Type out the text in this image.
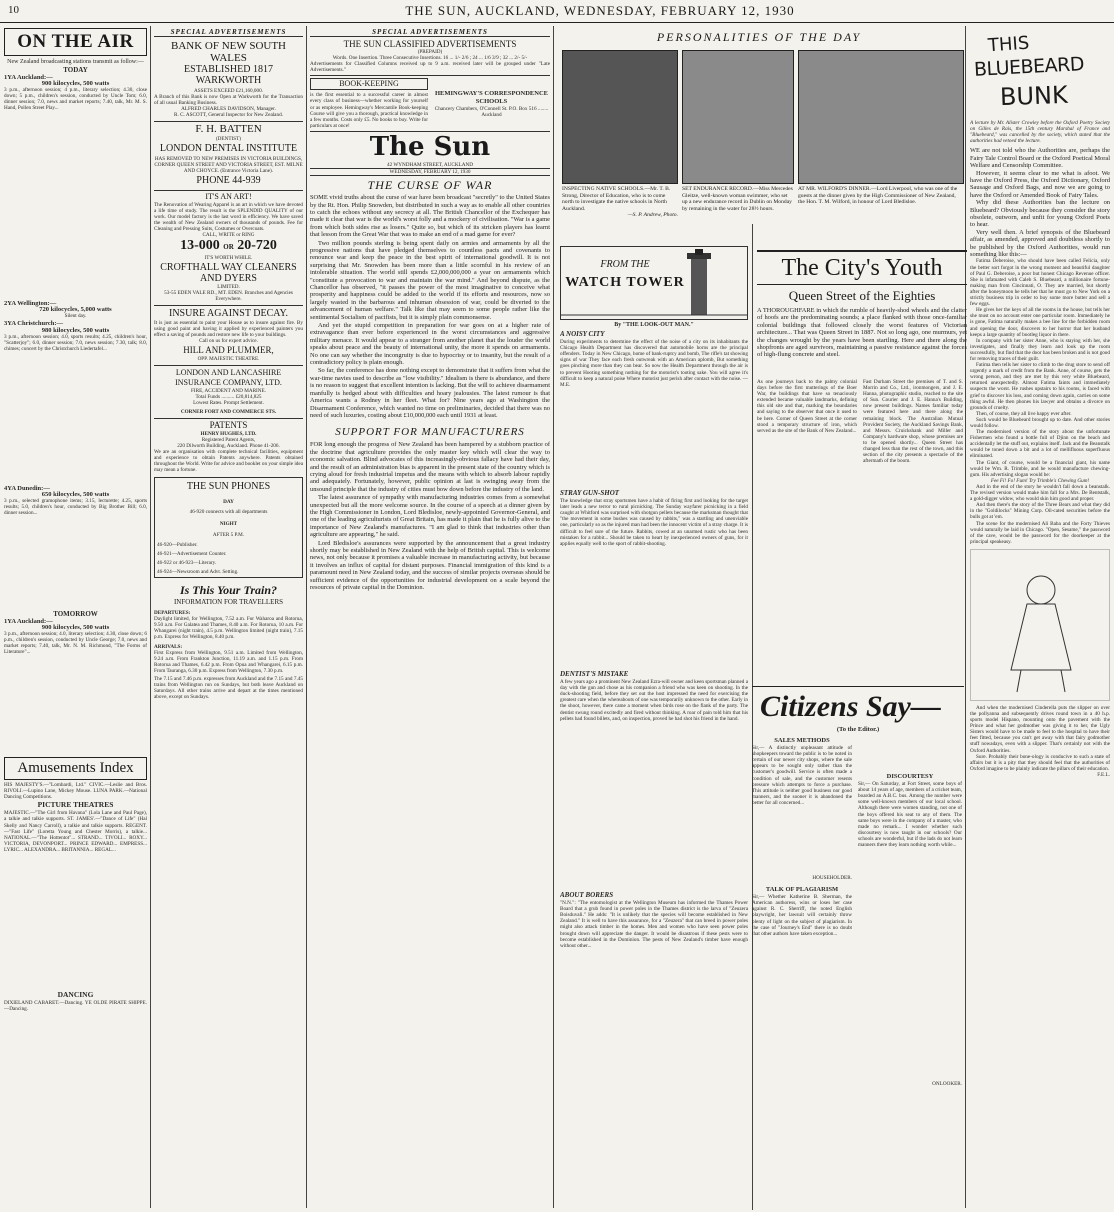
10	THE SUN, AUCKLAND, WEDNESDAY, FEBRUARY 12, 1930
ON THE AIR
New Zealand broadcasting stations transmit as follow:—
TODAY
1YA Auckland:—
900 kilocycles, 500 watts
3 p.m., afternoon session; 4 p.m., literary selection; 4.30, close down; 5 p.m., children's session, conducted by Uncle Tom; 6.0, dinner session; 7.0, news and market reports; 7.40, talk, Mr. M. S. Hand, Pollen Street Play...
2YA Wellington:—
720 kilocycles, 5,000 watts
Silent day.
3YA Christchurch:—
980 kilocycles, 500 watts
3 p.m., afternoon session; 4.0, sports results; 4.25, children's hour, "Scatterjoy"; 6.0, dinner session; 7.0, news session; 7.30, talk; 8.0, chimes; concert by the Christchurch Liedertafel...
4YA Dunedin:—
650 kilocycles, 500 watts
3 p.m., selected gramophone items; 3.15, lecturette; 4.25, sports results; 5.0, children's hour, conducted by Big Brother Bill; 6.0, dinner session...
TOMORROW
1YA Auckland:—
900 kilocycles, 500 watts
3 p.m., afternoon session; 4.0, literary selection; 4.30, close down; 6 p.m., children's session, conducted by Uncle George; 7.0, news and market reports; 7.40, talk, Mr. N. M. Richmond, "The Forms of Literature"...
Amusements Index
HIS MAJESTY'S.—"Lombardi, Ltd." CIVIC.—Leslie and Bros. RIVOLI.—Lupino Lane, Mickey Mouse. LUNA PARK.—National Dancing Competitions.
PICTURE THEATRES
MAJESTIC.—"The Girl from Havana" (Lola Lane and Paul Page), a talkie and talkie supports. ST. JAMES'.—"Dance of Life" (Hal Skelly and Nancy Carroll), a talkie and talkie supports. REGENT.—"Fast Life" (Loretta Young and Chester Morris), a talkie... NATIONAL.—"The Hottentot"... STRAND... TIVOLI... ROXY... VICTORIA, DEVONPORT... PRINCE EDWARD... EMPRESS... LYRIC... ALEXANDRA... BRITANNIA... REGAL...
DANCING
DIXIELAND CABARET.—Dancing. YE OLDE PIRATE SHIPPE.—Dancing.
SPECIAL ADVERTISEMENTS
BANK OF NEW SOUTH WALES
ESTABLISHED 1817
WARKWORTH
ASSETS EXCEED £21,160,000.
A Branch of this Bank is now Open at Warkworth for the Transaction of all usual Banking Business.
ALFRED CHARLES DAVIDSON, Manager.
R. C. ASCOTT, General Inspector for New Zealand.
F. H. BATTEN
(DENTIST)
LONDON DENTAL INSTITUTE
HAS REMOVED TO NEW PREMISES IN VICTORIA BUILDINGS, CORNER QUEEN STREET AND VICTORIA STREET, EST. MILNE AND CHOYCE. (Entrance Victoria Lane).
PHONE 44-939
IT'S AN ART!
The Renovation of Wearing Apparel is an art in which we have devoted a life time of study. The result is the SPLENDID QUALITY of our work. Our model factory is the last word in efficiency. We have saved the wealth of New Zealand owners of thousands of pounds. Fee for Cleaning and Pressing Suits, Costumes or Overcoats.
CALL, WRITE or RING
13-000 OR 20-720
IT'S WORTH WHILE.
CROFTHALL WAY CLEANERS AND DYERS
LIMITED.
53-55 EDEN VALE RD., MT. EDEN. Branches and Agencies Everywhere.
INSURE AGAINST DECAY.
It is just as essential to paint your House as to insure against fire. By using good paint and having it applied by experienced painters you effect a saving of pounds and restore new life to your buildings.
Call on us for expert advice.
HILL AND PLUMMER,
OPP. MAJESTIC THEATRE.
LONDON AND LANCASHIRE INSURANCE COMPANY, LTD.
FIRE, ACCIDENT AND MARINE.
Total Funds .......... £20,814,825
Lowest Rates. Prompt Settlement.
CORNER FORT AND COMMERCE STS.
PATENTS
HENRY HUGHES, LTD.
Registered Patent Agents,
220 Dilworth Building, Auckland. Phone 41-206.
We are an organisation with complete technical facilities, equipment and experience to obtain Patents anywhere. Patents obtained throughout the World. Write for advice and booklet on your simple idea may mean a fortune.
THE SUN PHONES
DAY
46-920 connects with all departments
NIGHT
AFTER 5 P.M.
46-920—Publisher.
46-921—Advertisement Counter.
46-922 or 46-923—Literary.
46-924—Newsroom and Advt. Setting.
Is This Your Train?
INFORMATION FOR TRAVELLERS
DEPARTURES:
Daylight limited, for Wellington, 7.52 a.m. For Waharoa and Rotorua, 9.50 a.m. For Galatea and Thames, 8.40 a.m. For Rotorua, 10 a.m. For Whangarei (night train), 4.5 p.m. Wellington limited (night train), 7.15 p.m. Express for Wellington, 8.40 p.m.
ARRIVALS:
First Express from Wellington, 9.51 a.m. Limited from Wellington, 9.24 a.m. From Frankton Junction, 11.19 a.m. and 1.15 p.m. From Rotorua and Thames, 6.42 p.m. From Opua and Whangarei, 6.15 p.m. From Tauranga, 6.30 p.m. Express from Wellington, 7.30 p.m.
The 7.15 and 7.46 p.m. expresses from Auckland and the 7.15 and 7.45 trains from Wellington run on Sundays, but both leave Auckland on Saturdays. All other trains arrive and depart at the times mentioned above, except on Sundays.
SPECIAL ADVERTISEMENTS
THE SUN CLASSIFIED ADVERTISEMENTS
(PREPAID)
Words. One Insertion. Three Consecutive Insertions. 16 ... 1/- 2/6 ; 24 ... 1/6 3/9 ; 32 ... 2/- 5/-
Advertisements for Classified Columns received up to 9 a.m. received later will be grouped under "Late Advertisements."
BOOK-KEEPING
is the first essential to a successful career in almost every class of business—whether working for yourself or as employee. Hemingway's Mercantile Book-keeping Course will give you a thorough, practical knowledge in a few months. Costs only £5. No books to buy. Write for particulars at once!
HEMINGWAY'S CORRESPONDENCE SCHOOLS
Chancery Chambers, O'Connell St. P.O. Box 516 ........ Auckland
The Sun
42 WYNDHAM STREET, AUCKLAND
WEDNESDAY, FEBRUARY 12, 1930
THE CURSE OF WAR
SOME vivid truths about the curse of war have been broadcast "secretly" to the United States by the Rt. Hon. Philip Snowden, but distributed in such a way as to enable all other countries to catch the echoes without any secrecy at all. The British Chancellor of the Exchequer has made it clear that war is the world's worst folly and a mockery of civilisation. "War is a game from which both sides rise as losers." Quite so, but which of its stricken players has learnt that lesson from the Great War that was to make an end of a mad game for ever?
Two million pounds sterling is being spent daily on armies and armaments by all the progressive nations that have pledged themselves to countless pacts and covenants to renounce war and keep the peace in the best spirit of international goodwill. It is not surprising that Mr. Snowden has been more than a little scornful in his review of an intolerable situation. The world still spends £2,000,000,000 a year on armaments which "constitute a provocation to war and maintain the war mind." And beyond dispute, as the Chancellor has observed, "it passes the power of the most imaginative to conceive what prosperity and happiness could be added to the world if its efforts and resources, now so largely wasted in the barbarous and inhuman obsession of war, could be diverted to the advancement of human welfare." Talk like that may seem to some people rather like the sentimental Socialism of pacifists, but it is simply plain commonsense.
And yet the stupid competition in preparation for war goes on at a higher rate of extravagance than ever before experienced in the worst circumstances and aggressive military menace. It would appear to a stranger from another planet that the louder the world speaks about peace and the beauty of international unity, the more it spends on armaments. No one can say whether the incongruity is due to hypocrisy or to insanity, but the result of a contradictory policy is plain enough.
So far, the conference has done nothing except to demonstrate that it suffers from what the war-time navies used to describe as "low visibility." Idealism is there is abundance, and there is no reason to suggest that excellent intention is lacking. But the will to achieve disarmament manfully is hedged about with difficulties and hoary jealousies. The latest rumour is that America wants a Rodney in her fleet. What for? Nine years ago at Washington the Disarmament Conference, which wanted no time on preliminaries, decided that there was no need of such luxuries, costing about £10,000,000 each until 1931 at least.
SUPPORT FOR MANUFACTURERS
FOR long enough the progress of New Zealand has been hampered by a stubborn practice of the doctrine that agriculture provides the only master key which will clear the way to economic salvation. Blind advocates of this increasingly-obvious fallacy have had their day, and the result of an administration bias is apparent in the present state of the country which is crying aloud for fresh industrial impetus and the means with which to absorb labour rapidly and adequately. Fortunately, however, public opinion at last is swinging away from the unsound principle that the industry of cities must bow down before the industry of the land.
The latest assurance of sympathy with manufacturing industries comes from a somewhat unexpected but all the more welcome source. In the course of a speech at a dinner given by the High Commissioner in London, Lord Bledisloe, newly-appointed Governor-General, and one of the leading agriculturists of Great Britain, has made it plain that he is fully alive to the importance of New Zealand's manufactures. "I am glad to think that industries other than agriculture are appearing," he said.
Lord Bledisloe's assurances were supported by the announcement that a great industry shortly may be established in New Zealand with the help of British capital. This is welcome news, not only because it promises a valuable increase in manufacturing activity, but because it involves an influx of capital for distant purposes. Financial immigration of this kind is a paramount need in New Zealand today, and the success of similar projects overseas should be sufficient evidence of the opportunities for industrial development on a scale beyond the resources of private capital in the Dominion.
PERSONALITIES OF THE DAY
INSPECTING NATIVE SCHOOLS.—Mr. T. B. Strong, Director of Education, who is to come north to investigate the native schools in North Auckland.
—S. P. Andrew, Photo.
SET ENDURANCE RECORD.—Miss Mercedes Gleitze, well-known woman swimmer, who set up a new endurance record in Dublin on Monday by remaining in the water for 28½ hours.
FROM THE
WATCH TOWER
By "THE LOOK-OUT MAN."
A NOISY CITY
During experiments to determine the effect of the noise of a city on its inhabitants the Chicago Health Department has discovered that automobile horns are the principal offenders. Today in New Chicago, home of bank-ruptcy and bomb, The rifle's tat showing signs of war They face each fresh outwreak with an American aplomb, But something goes pinching more than they can bear. So now the Health Department through the air is to prevent Hooting something nothing for the motorist's tooting sake. You will agree it's difficult to keep a natural poise Where motorist just perish after contact with the noise. —M.E.
STRAY GUN-SHOT
The knowledge that stray sportsmen have a habit of firing first and looking for the target later leads a new terror to rural picnicking. The Sunday wayfarer picnicking in a field caught at Whitford was surprised with shotgun pellets because the marksman thought that "the movement in some bushes was caused by rabbits," was a startling and unenviable one, particularly so as the injured man had been the innocent victim of a stray charge. It is difficult to feel sure of the future. Rabbits, cowed at an unarmed rustic who has been mistaken for a rabbit... Should be taken to heart by inexperienced owners of guns, for it applies equally well to the sport of rabbit-shooting.
DENTIST'S MISTAKE
A few years ago a prominent New Zealand Ezra-will owner and keen sportsman planned a day with the gun and chose as his companion a friend who was keen on shooting. In the duck-shooting field, before they set out the host impressed the need for exercising the greatest care when the whereabouts of one was temporarily unknown to the other. Early in the shoot, however, there came a moment when birds rose on the flank of the party. The dentist swung round excitedly and fired without thinking. A roar of pain told him that his pellets had found billets, and, on inspection, proved he had shot his friend in the hand.
ABOUT BORERS
"N.N.": "The entomologist at the Wellington Museum has informed the Thames Power Board that a grub found in power poles in the Thames district is the larva of "Zeuzera Boisduvali." He adds: "It is unlikely that the species will become established in New Zealand." It is well to have this assurance, for a "Zeuzera" that can breed in power poles might also attack timber in the homes. Men and women who have seen power poles brought down will appreciate the danger. It would be disastrous if these pests were to become established in the Dominion. The pests of New Zealand's timber have enough without other...
AT MR. WILFORD'S DINNER.—Lord Liverpool, who was one of the guests at the dinner given by the High Commissioner of New Zealand, the Hon. T. M. Wilford, in honour of Lord Bledisloe.
The City's Youth
Queen Street of the Eighties
A THOROUGHFARE in which the rumble of heavily-shod wheels and the clatter of hoofs are the predominating sounds; a place flanked with those once-familiar colonial buildings that followed closely the worst features of Victorian architecture... That was Queen Street in 1887. Not so long ago, one murmurs, yet the changes wrought by the years have been startling. Here and there along the shopfronts are aged survivors, maintaining a passive resistance against the forces of high-flung concrete and steel.
As one journeys back to the palmy colonial days before the first mutterings of the Boer War, the buildings that have so tenaciously extended became valuable landmarks, defining this old site and that, marking the boundaries and saying to the observer that once it used to be here. Corner of Queen Street at the corner stood a temporary structure of iron, which served as the site of the Bank of New Zealand...
Fast Durham Street the premises of T. and S. Morrin and Co., Ltd., ironmongers, and J. E. Hanna, photographic studio, reached to the site of Sun. Courier and J. E. Hanna's Building, now present buildings. Names familiar today were featured here and there along the remaining block. The Australian Mutual Provident Society, the Auckland Savings Bank, and Messrs. Cruickshank and Miller and Company's hardware shop, whose premises are to be opened shortly... Queen Street has changed less than the rest of the town, and this section of the city presents a spectacle of the aftermath of the boom.
Citizens Say—
(To the Editor.)
SALES METHODS
Sir,— A distinctly unpleasant attitude of shopkeepers toward the public is to be noted in certain of our newer city shops, where the sale appears to be sought only rather than the customer's goodwill. Service is often made a condition of sale, and the customer resents pressure which attempts to force a purchase. This attitude is neither good business nor good manners, and the sooner it is abandoned the better for all concerned...
HOUSEHOLDER.
TALK OF PLAGIARISM
Sir,— Whether Katherine B. Sherman, the American authoress, wins or loses her case against R. C. Sherriff, the noted English playwright, her lawsuit will certainly throw plenty of light on the subject of plagiarism. In the case of "Journey's End" there is no doubt that other authors have taken exception...
DISCOURTESY
Sir,— On Saturday, at Fort Street, some boys of about 14 years of age, members of a cricket team, boarded an A.B.C. bus. Among the number were some well-known members of our local school. Although there were women standing, not one of the boys offered his seat to any of them. The same boys were in the company of a master, who made no remark... I wonder whether such discourtesy is now taught in our schools? Our schools are wonderful, but if the lads do not learn manners there they learn nothing worth while...
ONLOOKER.
THIS
BLUEBEARD
BUNK
A lecture by Mr. Alister Crowley before the Oxford Poetry Society on Gilles de Rais, the 15th century Marshal of France and "Bluebeard," was cancelled by the society, which stated that the authorities had vetoed the lecture.
WE are not told who the Authorities are, perhaps the Fairy Tale Control Board or the Oxford Poetical Moral Welfare and Censorship Committee.
However, it seems clear to me what is afoot. We have the Oxford Press, the Oxford Dictionary, Oxford Sausage and Oxford Bags, and now we are going to have the Oxford or Amended Book of Fairy Tales.
Why did these Authorities ban the lecture on Bluebeard? Obviously because they consider the story obsolete, outworn, and unfit for young Oxford Poets to hear.
Very well then. A brief synopsis of the Bluebeard affair, as amended, approved and doubtless shortly to be published by the Oxford Authorities, would run something like this:—
Fatima Deberoise, who should have been called Felicia, only the better sort forgot in the wrong moment and beautiful daughter of Paul G. Deberoise, a poor but honest Chicago Revenue officer. She is infatuated with Caleb S. Bluebeard, a millionaire fortune-making man from Cincinnati, O. They are married, but shortly after the honeymoon he tells her that he must go to New York on a strictly business trip in order to buy some more butter and sell a few eggs.
He gives her the keys of all the rooms in the house, but tells her she must on no account enter one particular room. Immediately he is gone, Fatima naturally makes a bee line for the forbidden room and opening the door, discovers to her horror that her husband keeps a large quantity of bootleg liquor in there.
In company with her sister Anne, who is staying with her, she investigates, and finally they learn and look up the room successfully, but find that the door has been broken and is not good for removing traces of their guilt.
Fatima then tells her sister to climb to the drug store to send off urgently a mark of credit from the Bank. Anne, of course, gets the wrong person, and they are met by this very white Bluebeard, returned unexpectedly. Almost Fatima faints and immediately suspects the worst. He rushes upstairs to his rooms, is faced with grief to discover his loss, and coming down again, carries on some thing awful. He then phones his lawyer and obtains a divorce on grounds of cruelty.
Then, of course, they all live happy ever after.
Such would be Bluebeard brought up to date. And other stories would follow.
The modernised version of the story about the unfortunate Fishermen who found a bottle full of Djinn on the beach and accidentally let the stuff out, explains itself. Jack and the Beanstalk would be toned down a bit and a lot of mellifluous superfluous eliminated.
The Giant, of course, would be a financial giant, his name would be Wm. R. Trimble, and he would manufacture chewing-gum. His advertising slogan would be:
Fee Fi! Fo! Fum! Try Trimble's Chewing Gum!
And in the end of the story he wouldn't fall down a beanstalk. The revised version would make him fall for a Mrs. De Bentstalk, a gold-digger widow, who would skin him good and proper.
And then there's the story of the Three Bears and what they did in the "Goldilocks" Mining Corp. Oil-cated securities before the bulls got at 'em.
The scene for the modernised Ali Baba and the Forty Thieves would naturally be laid in Chicago. "Open, Sesame," the password of the cave, would be the password for the doorkeeper at the principal speakeasy.
And when the modernised Cinderella puts the slipper on over the pollyanna and subsequently drives round town in a 40 h.p. sports model Hispano, mounting onto the pavement with the Prince and what her godmother was giving it to her, the Ugly Sisters would have to be made to feel to the hospital to have their feet fitted, because you can't get away with that fairy godmother stuff nowadays, even with a slipper. That's certainly not with the Oxford Authorities.
Sure. Probably their bone-ology is conducive to such a state of affairs but it is a pity that they should feel that the authorities of Oxford imagine to be plainly indicate the pillars of their education.
F.E.L.
